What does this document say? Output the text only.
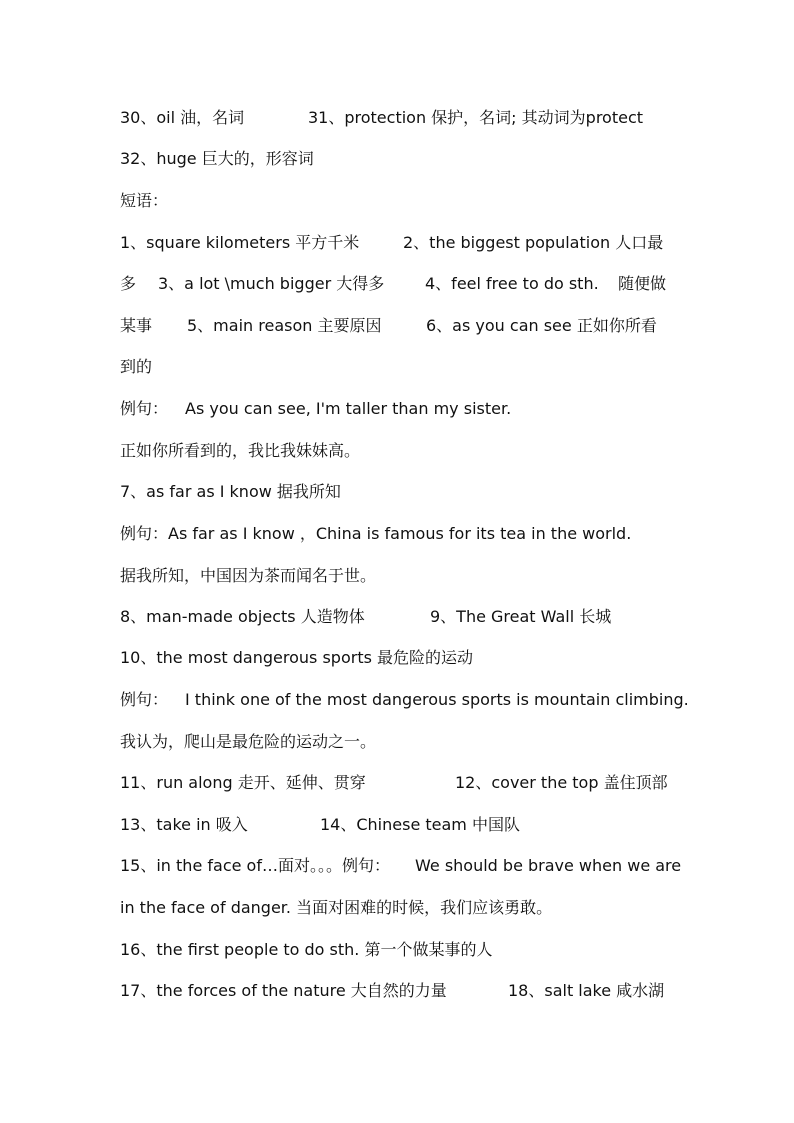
30、oil 油，名词

	31、protection 保护，名词; 其动词为protect

32、huge 巨大的，形容词

短语：

1、square kilometers 平方千米

	2、the biggest population 人口最

多

3、a lot \much bigger 大得多

	4、feel free to do sth.

随便做

某事

5、main reason 主要原因

	6、as you can see 正如你所看

到的

例句：

As you can see, I'm taller than my sister.

正如你所看到的，我比我妹妹高。

7、as far as I know 据我所知

例句：As far as I know ，China is famous for its tea in the world.

据我所知，中国因为茶而闻名于世。

8、man-made objects 人造物体

	9、The Great Wall 长城

10、the most dangerous sports 最危险的运动

例句：

I think one of the most dangerous sports is mountain climbing.

我认为，爬山是最危险的运动之一。

11、run along 走开、延伸、贯穿

	12、cover the top 盖住顶部

13、take in 吸入

	14、Chinese team 中国队

15、in the face of…面对。。。例句：

We should be brave when we are

in the face of danger. 当面对困难的时候，我们应该勇敢。

16、the first people to do sth. 第一个做某事的人

17、the forces of the nature 大自然的力量

	18、salt lake 咸水湖
